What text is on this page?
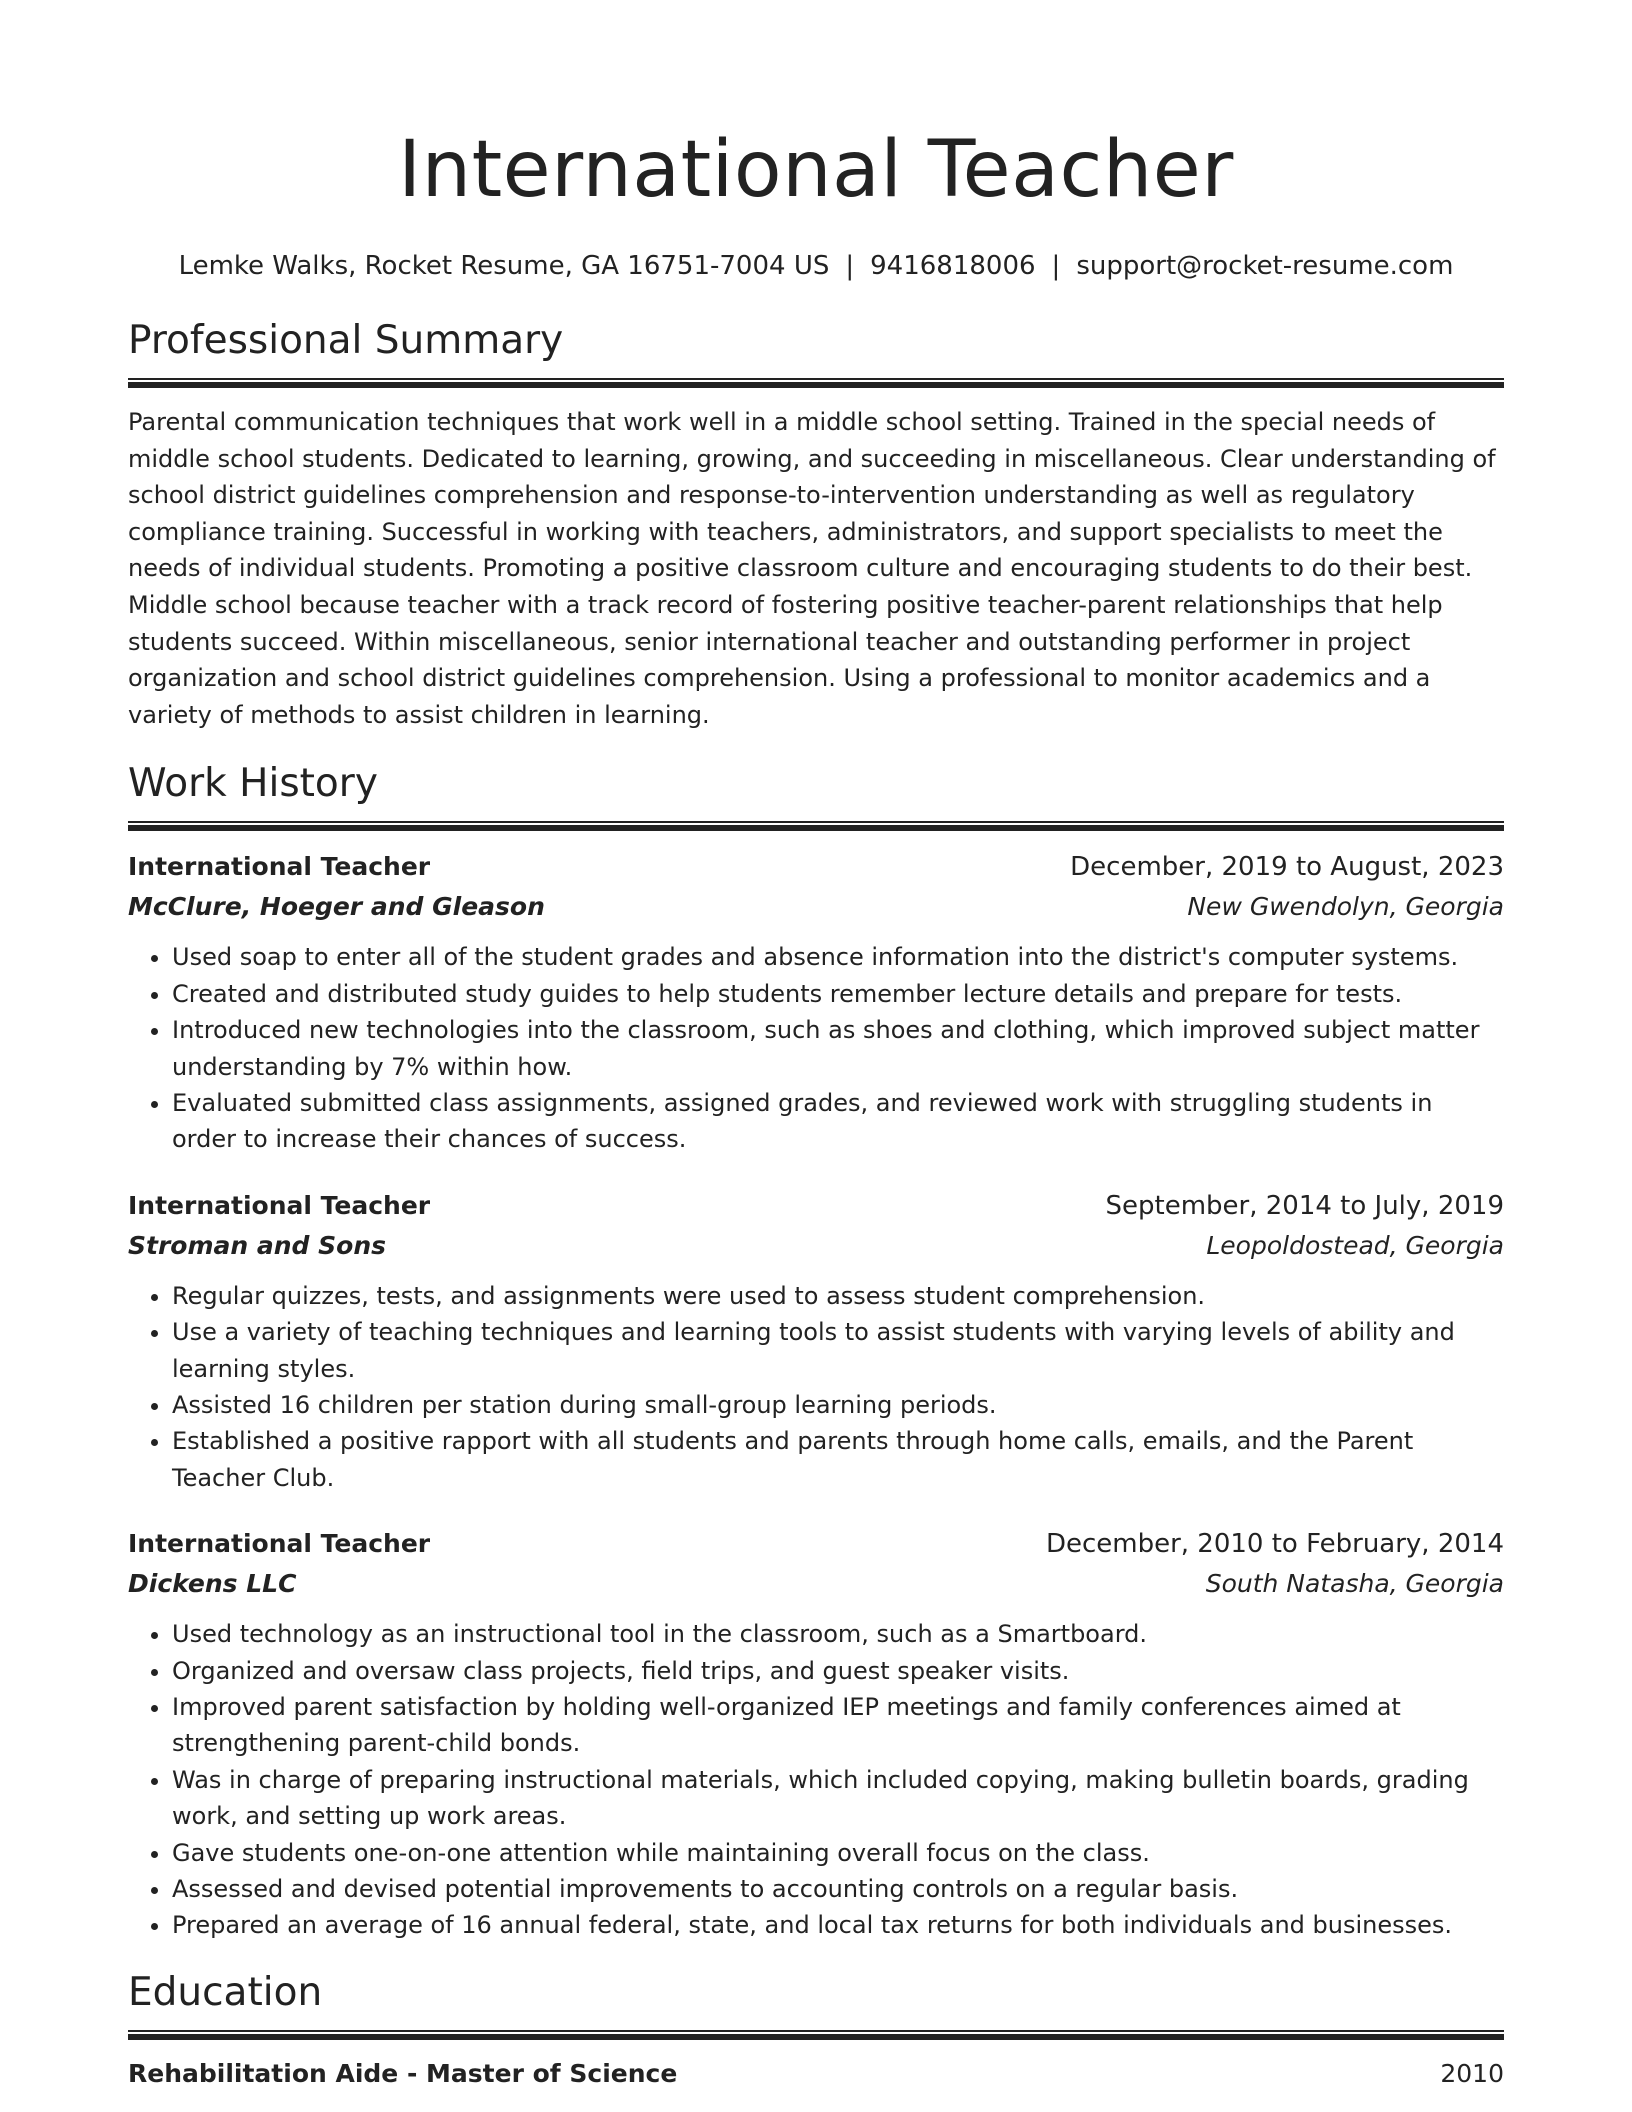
International Teacher
Lemke Walks, Rocket Resume, GA 16751-7004 US | 9416818006 | support@rocket-resume.com
Professional Summary

Parental communication techniques that work well in a middle school setting. Trained in the special needs of middle school students. Dedicated to learning, growing, and succeeding in miscellaneous. Clear understanding of school district guidelines comprehension and response-to-intervention understanding as well as regulatory compliance training. Successful in working with teachers, administrators, and support specialists to meet the needs of individual students. Promoting a positive classroom culture and encouraging students to do their best. Middle school because teacher with a track record of fostering positive teacher-parent relationships that help students succeed. Within miscellaneous, senior international teacher and outstanding performer in project organization and school district guidelines comprehension. Using a professional to monitor academics and a variety of methods to assist children in learning.

Work History
International Teacher	December, 2019 to August, 2023
McClure, Hoeger and Gleason	New Gwendolyn, Georgia
• Used soap to enter all of the student grades and absence information into the district's computer systems.
• Created and distributed study guides to help students remember lecture details and prepare for tests.
• Introduced new technologies into the classroom, such as shoes and clothing, which improved subject matter understanding by 7% within how.
• Evaluated submitted class assignments, assigned grades, and reviewed work with struggling students in order to increase their chances of success.
International Teacher	September, 2014 to July, 2019
Stroman and Sons	Leopoldostead, Georgia
• Regular quizzes, tests, and assignments were used to assess student comprehension.
• Use a variety of teaching techniques and learning tools to assist students with varying levels of ability and learning styles.
• Assisted 16 children per station during small-group learning periods.
• Established a positive rapport with all students and parents through home calls, emails, and the Parent Teacher Club.
International Teacher	December, 2010 to February, 2014
Dickens LLC	South Natasha, Georgia
• Used technology as an instructional tool in the classroom, such as a Smartboard.
• Organized and oversaw class projects, field trips, and guest speaker visits.
• Improved parent satisfaction by holding well-organized IEP meetings and family conferences aimed at strengthening parent-child bonds.
• Was in charge of preparing instructional materials, which included copying, making bulletin boards, grading work, and setting up work areas.
• Gave students one-on-one attention while maintaining overall focus on the class.
• Assessed and devised potential improvements to accounting controls on a regular basis.
• Prepared an average of 16 annual federal, state, and local tax returns for both individuals and businesses.
Education
Rehabilitation Aide - Master of Science	2010
